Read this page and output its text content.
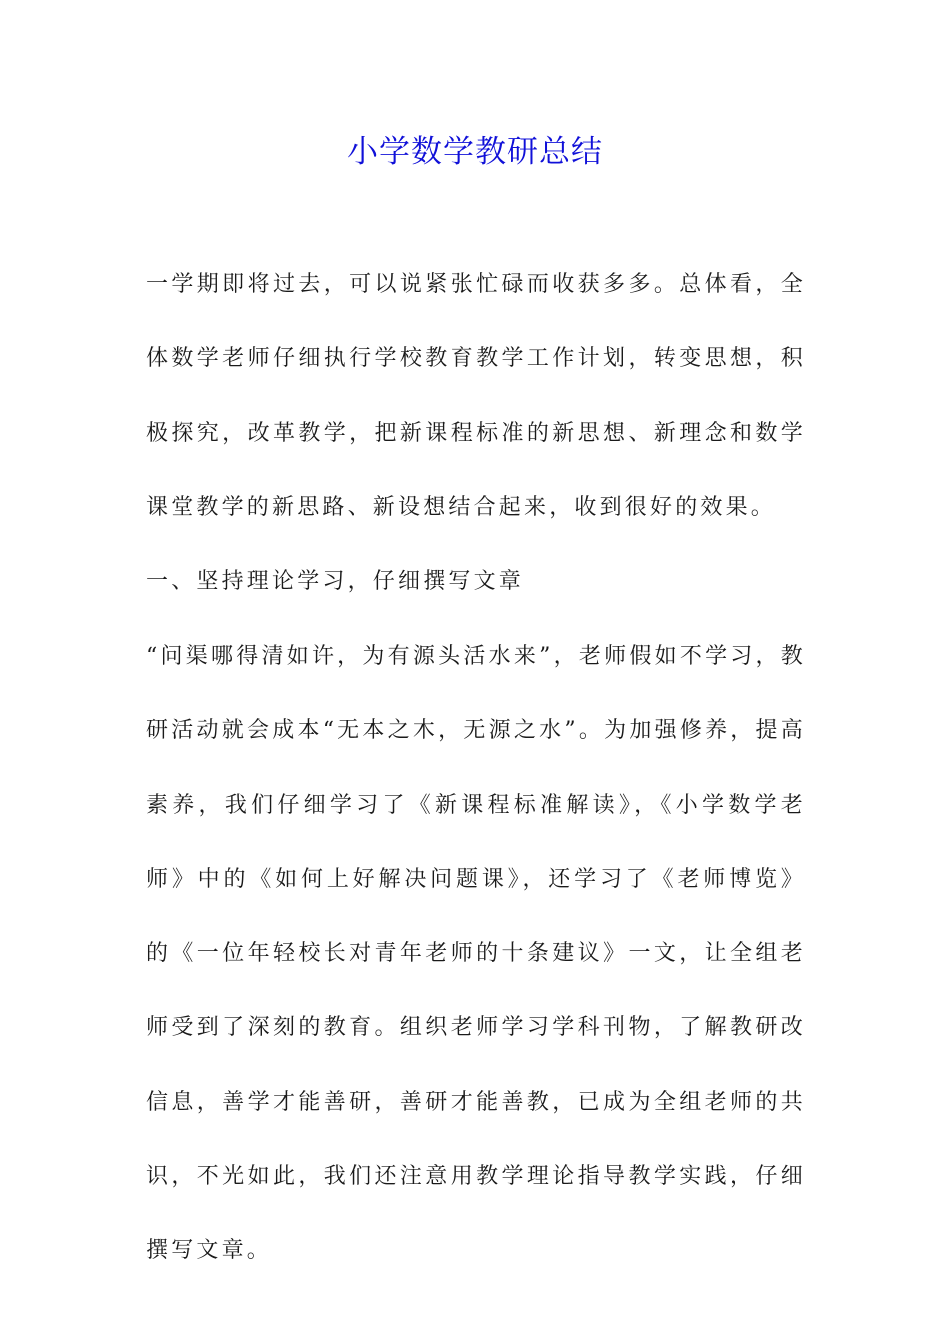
小学数学教研总结

一学期即将过去，可以说紧张忙碌而收获多多。总体看，全体数学老师仔细执行学校教育教学工作计划，转变思想，积极探究，改革教学，把新课程标准的新思想、新理念和数学课堂教学的新思路、新设想结合起来，收到很好的效果。

一、坚持理论学习，仔细撰写文章

“问渠哪得清如许，为有源头活水来”，老师假如不学习，教研活动就会成本“无本之木，无源之水”。为加强修养，提高素养，我们仔细学习了《新课程标准解读》，《小学数学老师》中的《如何上好解决问题课》，还学习了《老师博览》的《一位年轻校长对青年老师的十条建议》一文，让全组老师受到了深刻的教育。组织老师学习学科刊物，了解教研改信息，善学才能善研，善研才能善教，已成为全组老师的共识，不光如此，我们还注意用教学理论指导教学实践，仔细撰写文章。
